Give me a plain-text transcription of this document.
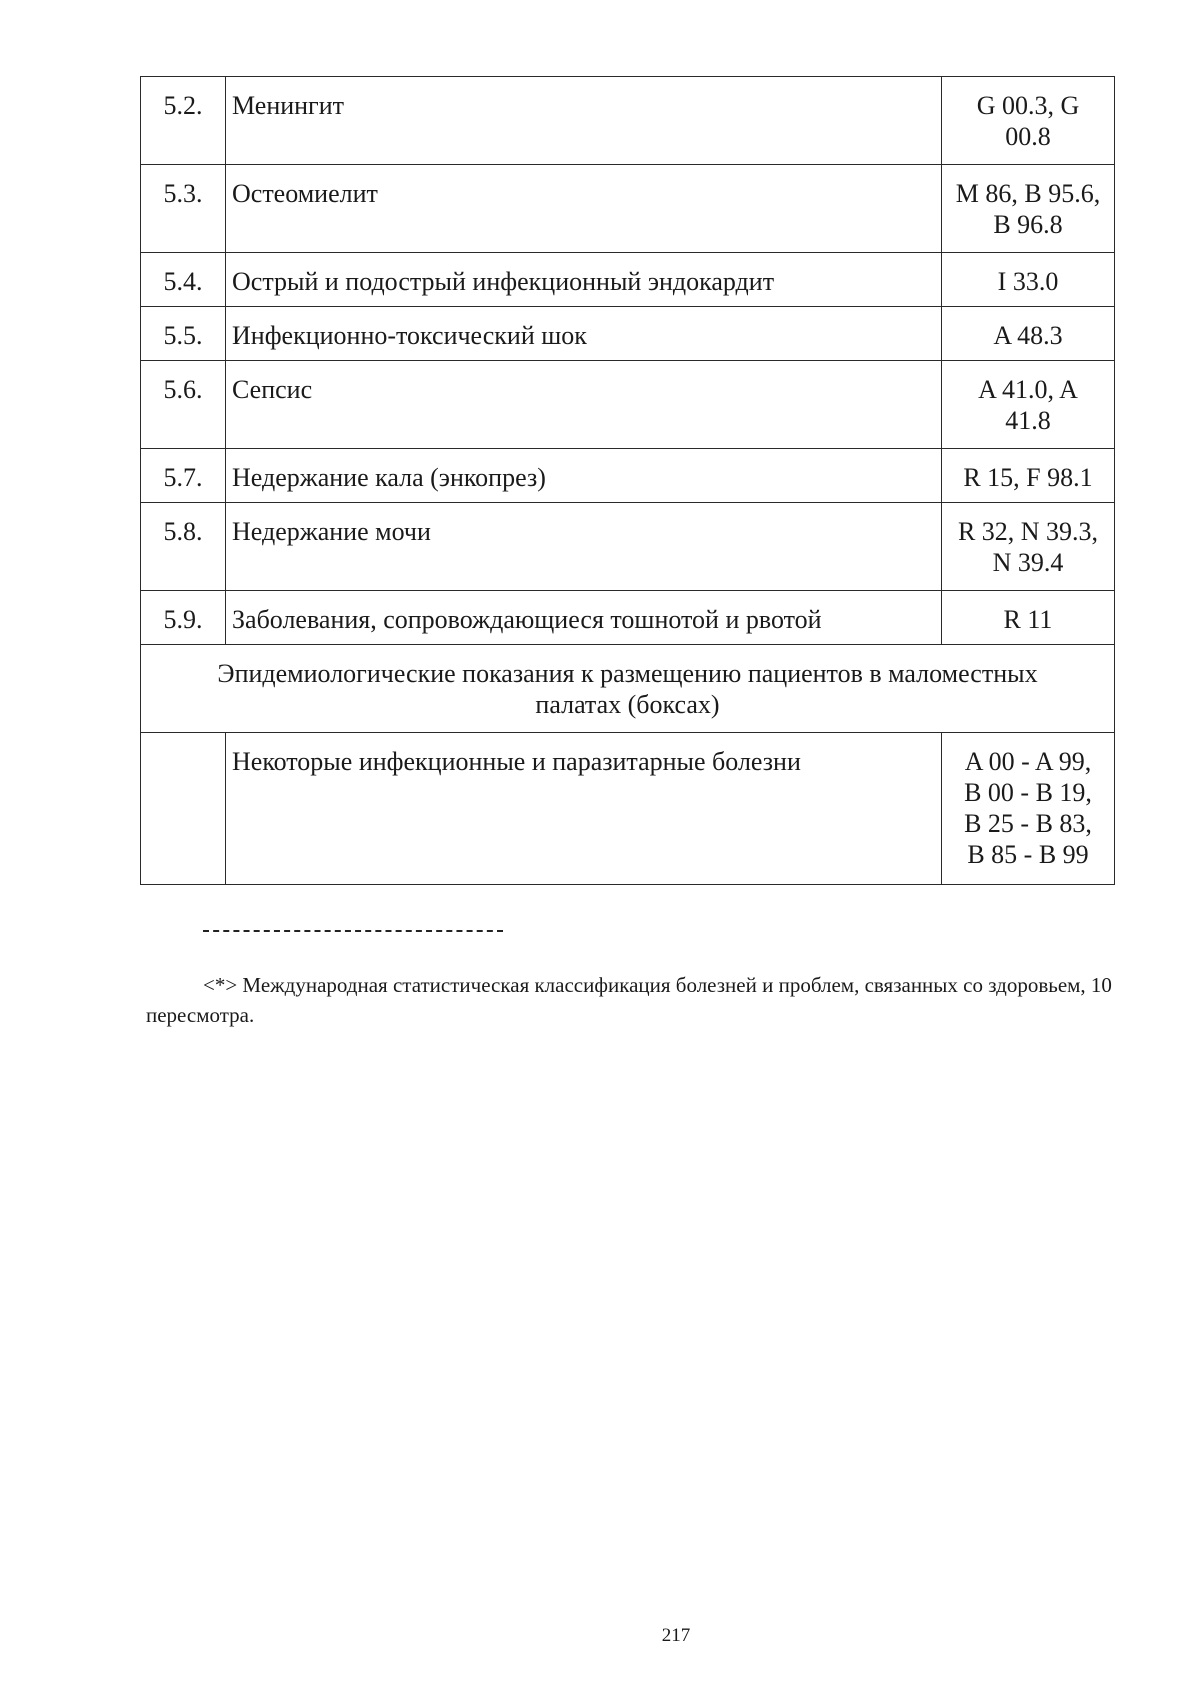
5.2.	Менингит	G 00.3, G
00.8

5.3.	Остеомиелит	M 86, B 95.6,
B 96.8

5.4.	Острый и подострый инфекционный эндокардит	I 33.0

5.5.	Инфекционно-токсический шок	A 48.3

5.6.	Сепсис	A 41.0, A
41.8

5.7.	Недержание кала (энкопрез)	R 15, F 98.1

5.8.	Недержание мочи	R 32, N 39.3,
N 39.4

5.9.	Заболевания, сопровождающиеся тошнотой и рвотой	R 11

Эпидемиологические показания к размещению пациентов в маломестных
палатах (боксах)		

	Некоторые инфекционные и паразитарные болезни	A 00 - A 99,
B 00 - B 19,
B 25 - B 83,
B 85 - B 99
<*> Международная статистическая классификация болезней и проблем, связанных со здоровьем, 10 пересмотра.
217
